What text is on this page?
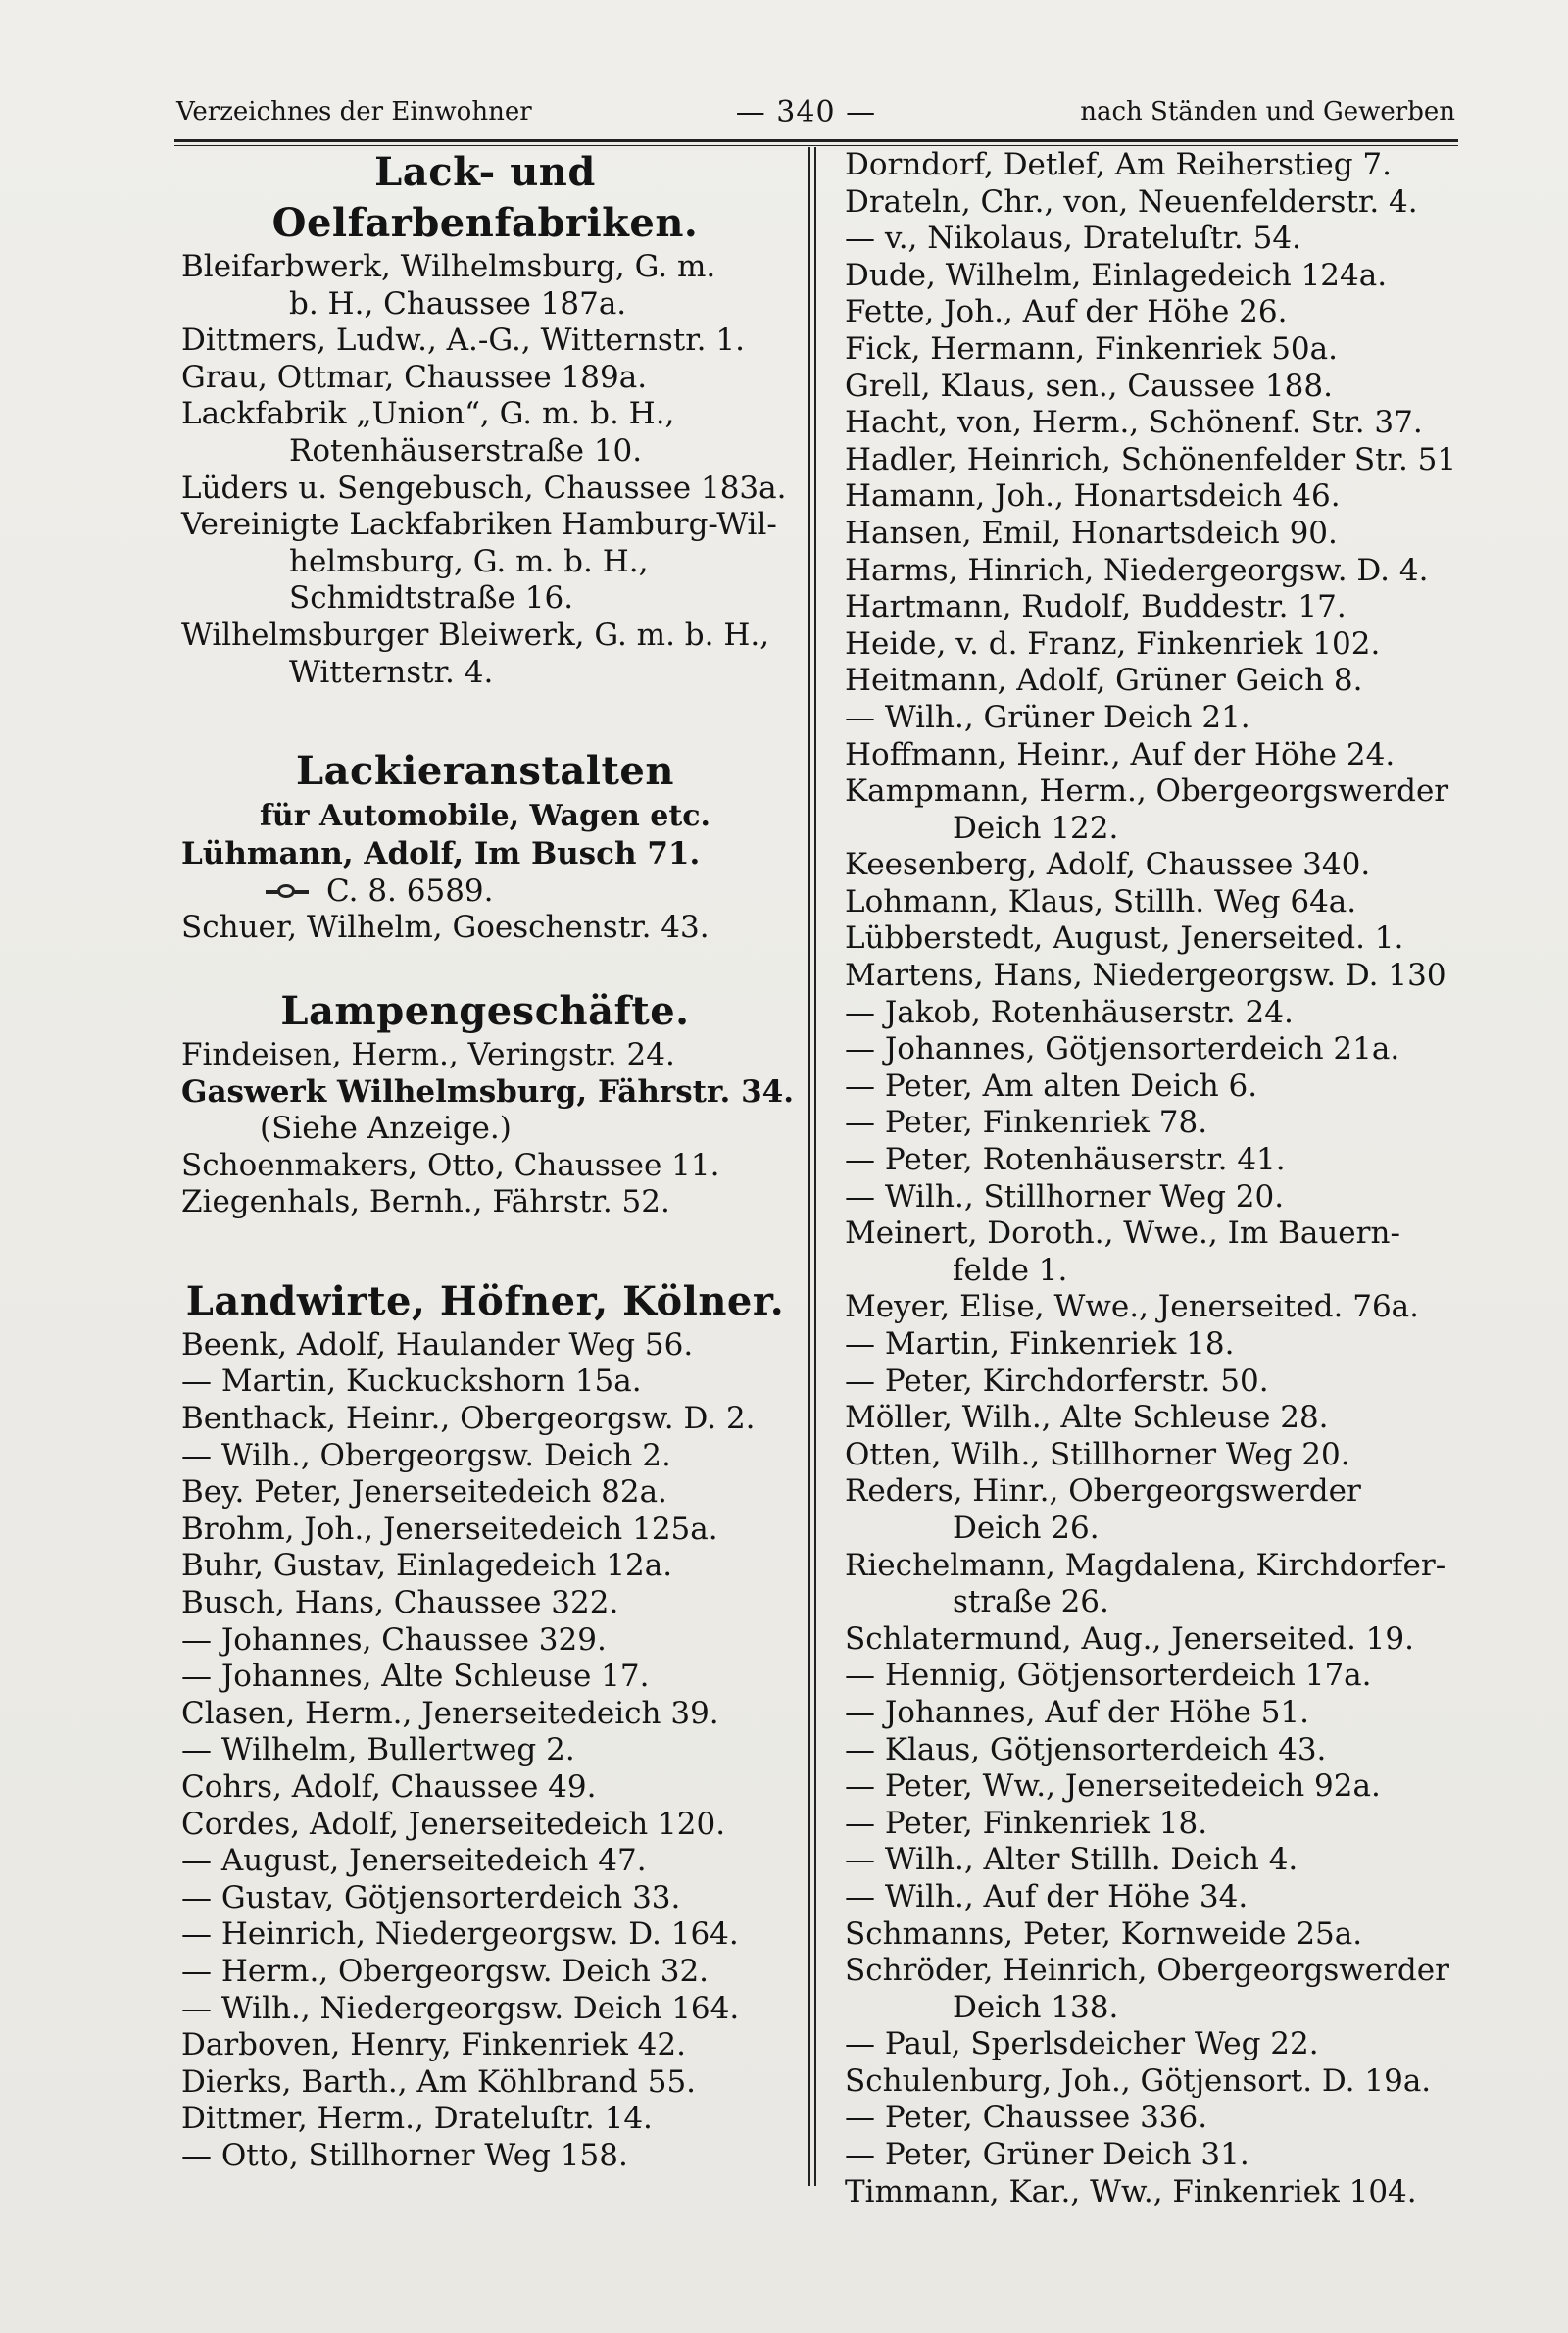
Verzeichnes der Einwohner	— 340 —	nach Ständen und Gewerben
Lack- und Oelfarbenfabriken.
Bleifarbwerk, Wilhelmsburg, G. m.
b. H., Chaussee 187a.
Dittmers, Ludw., A.-G., Witternstr. 1.
Grau, Ottmar, Chaussee 189a.
Lackfabrik „Union“, G. m. b. H.,
Rotenhäuserstraße 10.
Lüders u. Sengebusch, Chaussee 183a.
Vereinigte Lackfabriken Hamburg-Wil-
helmsburg, G. m. b. H.,
Schmidtstraße 16.
Wilhelmsburger Bleiwerk, G. m. b. H.,
Witternstr. 4.
Lackieranstalten
für Automobile, Wagen etc.
Lühmann, Adolf, Im Busch 71.
C. 8. 6589.
Schuer, Wilhelm, Goeschenstr. 43.
Lampengeschäfte.
Findeisen, Herm., Veringstr. 24.
Gaswerk Wilhelmsburg, Fährstr. 34.
(Siehe Anzeige.)
Schoenmakers, Otto, Chaussee 11.
Ziegenhals, Bernh., Fährstr. 52.
Landwirte, Höfner, Kölner.
Beenk, Adolf, Haulander Weg 56.
— Martin, Kuckuckshorn 15a.
Benthack, Heinr., Obergeorgsw. D. 2.
— Wilh., Obergeorgsw. Deich 2.
Bey. Peter, Jenerseitedeich 82a.
Brohm, Joh., Jenerseitedeich 125a.
Buhr, Gustav, Einlagedeich 12a.
Busch, Hans, Chaussee 322.
— Johannes, Chaussee 329.
— Johannes, Alte Schleuse 17.
Clasen, Herm., Jenerseitedeich 39.
— Wilhelm, Bullertweg 2.
Cohrs, Adolf, Chaussee 49.
Cordes, Adolf, Jenerseitedeich 120.
— August, Jenerseitedeich 47.
— Gustav, Götjensorterdeich 33.
— Heinrich, Niedergeorgsw. D. 164.
— Herm., Obergeorgsw. Deich 32.
— Wilh., Niedergeorgsw. Deich 164.
Darboven, Henry, Finkenriek 42.
Dierks, Barth., Am Köhlbrand 55.
Dittmer, Herm., Drateluſtr. 14.
— Otto, Stillhorner Weg 158.
Dorndorf, Detlef, Am Reiherstieg 7.
Drateln, Chr., von, Neuenfelderstr. 4.
— v., Nikolaus, Drateluſtr. 54.
Dude, Wilhelm, Einlagedeich 124a.
Fette, Joh., Auf der Höhe 26.
Fick, Hermann, Finkenriek 50a.
Grell, Klaus, sen., Caussee 188.
Hacht, von, Herm., Schönenf. Str. 37.
Hadler, Heinrich, Schönenfelder Str. 51
Hamann, Joh., Honartsdeich 46.
Hansen, Emil, Honartsdeich 90.
Harms, Hinrich, Niedergeorgsw. D. 4.
Hartmann, Rudolf, Buddestr. 17.
Heide, v. d. Franz, Finkenriek 102.
Heitmann, Adolf, Grüner Geich 8.
— Wilh., Grüner Deich 21.
Hoffmann, Heinr., Auf der Höhe 24.
Kampmann, Herm., Obergeorgswerder
Deich 122.
Keesenberg, Adolf, Chaussee 340.
Lohmann, Klaus, Stillh. Weg 64a.
Lübberstedt, August, Jenerseited. 1.
Martens, Hans, Niedergeorgsw. D. 130
— Jakob, Rotenhäuserstr. 24.
— Johannes, Götjensorterdeich 21a.
— Peter, Am alten Deich 6.
— Peter, Finkenriek 78.
— Peter, Rotenhäuserstr. 41.
— Wilh., Stillhorner Weg 20.
Meinert, Doroth., Wwe., Im Bauern-
felde 1.
Meyer, Elise, Wwe., Jenerseited. 76a.
— Martin, Finkenriek 18.
— Peter, Kirchdorferstr. 50.
Möller, Wilh., Alte Schleuse 28.
Otten, Wilh., Stillhorner Weg 20.
Reders, Hinr., Obergeorgswerder
Deich 26.
Riechelmann, Magdalena, Kirchdorfer-
straße 26.
Schlatermund, Aug., Jenerseited. 19.
— Hennig, Götjensorterdeich 17a.
— Johannes, Auf der Höhe 51.
— Klaus, Götjensorterdeich 43.
— Peter, Ww., Jenerseitedeich 92a.
— Peter, Finkenriek 18.
— Wilh., Alter Stillh. Deich 4.
— Wilh., Auf der Höhe 34.
Schmanns, Peter, Kornweide 25a.
Schröder, Heinrich, Obergeorgswerder
Deich 138.
— Paul, Sperlsdeicher Weg 22.
Schulenburg, Joh., Götjensort. D. 19a.
— Peter, Chaussee 336.
— Peter, Grüner Deich 31.
Timmann, Kar., Ww., Finkenriek 104.
